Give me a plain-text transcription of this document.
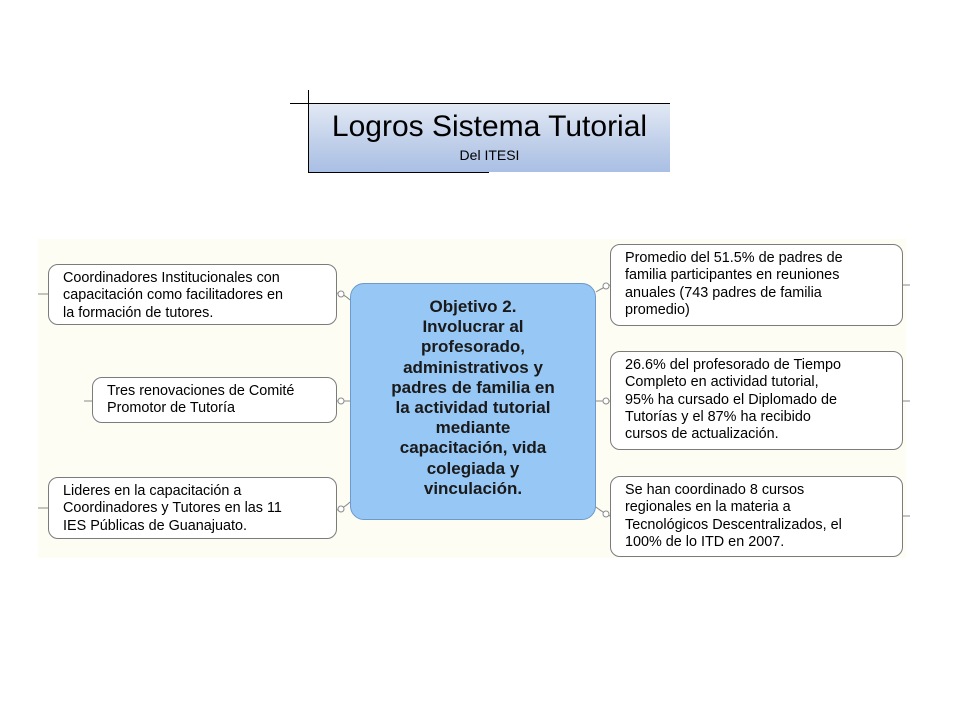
Logros Sistema Tutorial
Del ITESI
Objetivo 2.
Involucrar al
profesorado,
administrativos y
padres de familia en
la actividad tutorial
mediante
capacitación, vida
colegiada y
vinculación.
Coordinadores Institucionales con
capacitación como facilitadores en
la formación de tutores.
Tres renovaciones de Comité
Promotor de Tutoría
Lideres en la capacitación a
Coordinadores y Tutores en las 11
IES Públicas de Guanajuato.
Promedio del 51.5% de padres de
familia participantes en reuniones
anuales (743 padres de familia
promedio)
26.6% del profesorado de Tiempo
Completo en actividad tutorial,
95% ha cursado el Diplomado de
Tutorías y el 87% ha recibido
cursos de actualización.
Se han coordinado 8 cursos
regionales en la materia a
Tecnológicos Descentralizados, el
100% de lo ITD en 2007.
